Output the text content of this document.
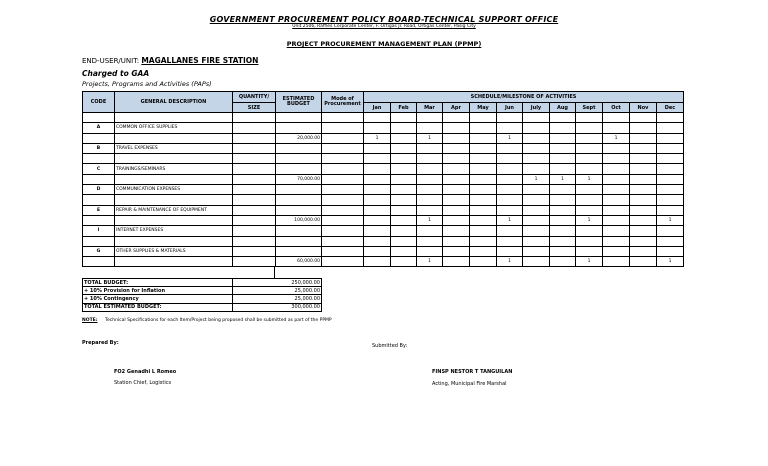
GOVERNMENT PROCUREMENT POLICY BOARD-TECHNICAL SUPPORT OFFICE
Unit 2506, Raffles Corporate Center, F. Ortigas Jr. Road, Ortigas Center, Pasig City
PROJECT PROCUREMENT MANAGEMENT PLAN (PPMP)
END-USER/UNIT: MAGALLANES FIRE STATION
Charged to GAA
Projects, Programs and Activities (PAPs)
CODE	GENERAL DESCRIPTION	QUANTITY/	ESTIMATED BUDGET	Mode of Procurement	SCHEDULE/MILESTONE OF ACTIVITIES											
		SIZE			Jan	Feb	Mar	Apr	May	Jun	July	Aug	Sept	Oct	Nov	Dec

A	COMMON OFFICE SUPPLIES															
			20,000.00		1		1			1				1		
B	TRAVEL EXPENSES															

C	TRAININGS/SEMINARS															
			70,000.00								1	1	1			
D	COMMUNICATION EXPENSES															

E	REPAIR & MAINTENANCE OF EQUIPMENT															
			100,000.00				1			1			1			1
I	INTERNET EXPENSES															

G	OTHER SUPPLIES & MATERIALS															
			60,000.00				1			1			1			1
TOTAL BUDGET:	250,000.00
+ 10% Provision for Inflation	25,000.00
+ 10% Contingency	25,000.00
TOTAL ESTIMATED BUDGET:	300,000.00
NOTE: Technical Specifications for each Item/Project being proposed shall be submitted as part of the PPMP
Prepared By:	Submitted By:
FO2 Genadhi L Romeo
Station Chief, Logistics
FINSP NESTOR T TANGUILAN
Acting, Municipal Fire Marshal
